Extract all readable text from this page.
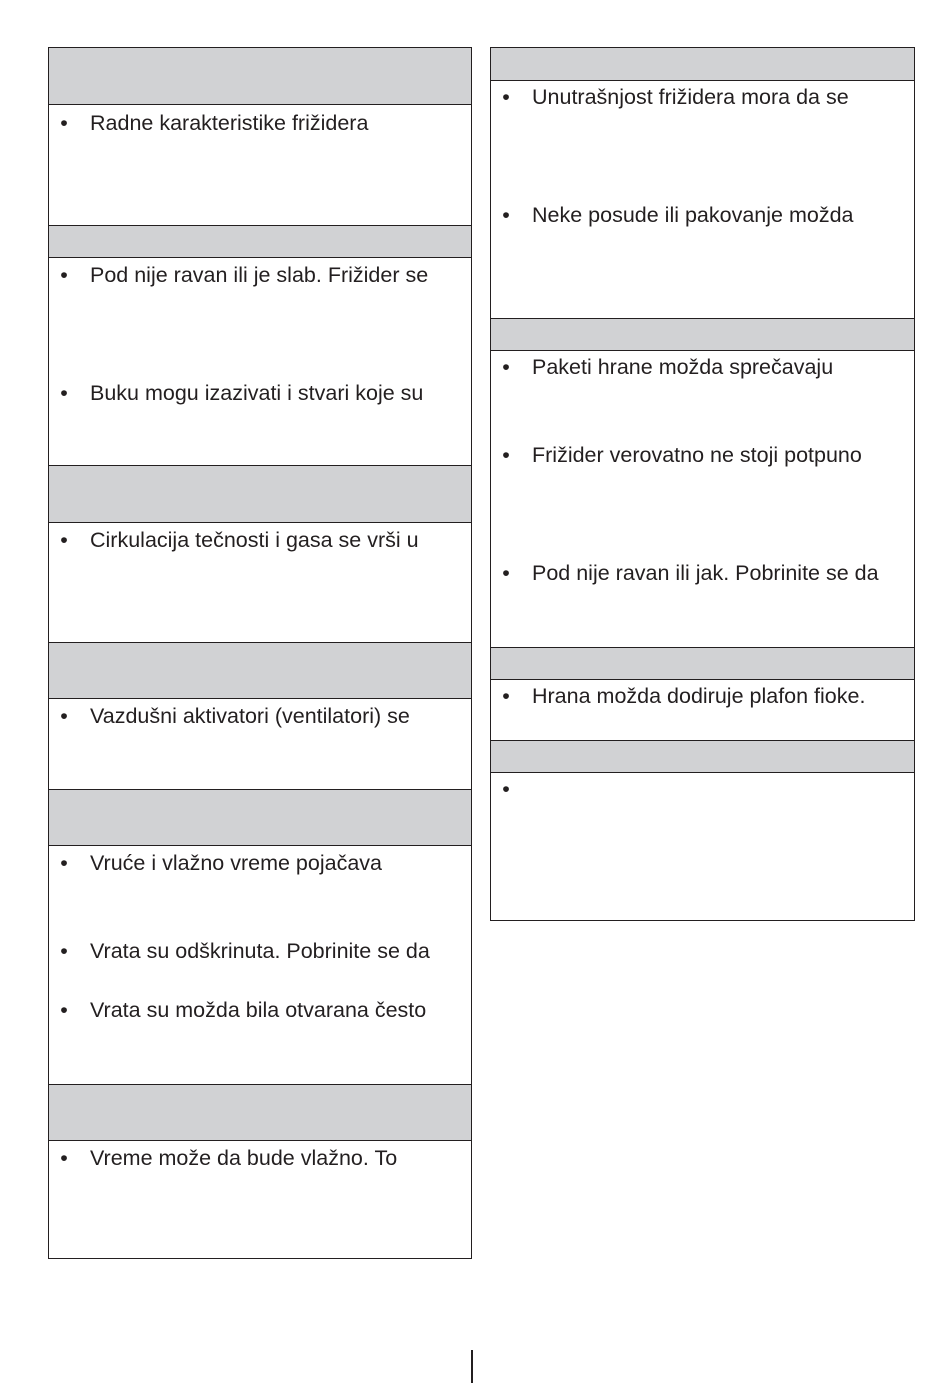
• Radne karakteristike frižidera
• Pod nije ravan ili je slab. Frižider se
• Buku mogu izazivati i stvari koje su
• Cirkulacija tečnosti i gasa se vrši u
• Vazdušni aktivatori (ventilatori) se
• Vruće i vlažno vreme pojačava
• Vrata su odškrinuta. Pobrinite se da
• Vrata su možda bila otvarana često
• Vreme može da bude vlažno. To
• Unutrašnjost frižidera mora da se
• Neke posude ili pakovanje možda
• Paketi hrane možda sprečavaju
• Frižider verovatno ne stoji potpuno
• Pod nije ravan ili jak. Pobrinite se da
• Hrana možda dodiruje plafon fioke.
•
